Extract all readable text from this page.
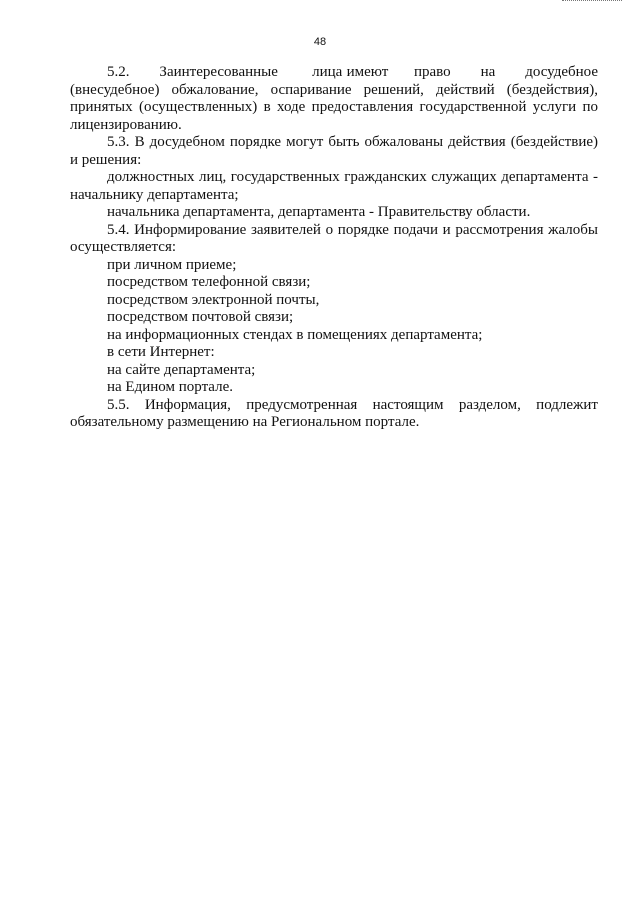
48

5.2.       Заинтересованные        лица имеют      право       на       досудебное (внесудебное) обжалование, оспаривание решений, действий (бездействия), принятых (осуществленных) в ходе предоставления государственной услуги по лицензированию.

5.3. В досудебном порядке могут быть обжалованы действия (бездействие) и решения:

должностных лиц, государственных гражданских служащих департамента - начальнику департамента;

начальника департамента, департамента - Правительству области.

5.4. Информирование заявителей о порядке подачи и рассмотрения жалобы осуществляется:

при личном приеме;

посредством телефонной связи;

посредством электронной почты,

посредством почтовой связи;

на информационных стендах в помещениях департамента;

в сети Интернет:

на сайте департамента;

на Едином портале.

5.5. Информация, предусмотренная настоящим разделом, подлежит обязательному размещению на Региональном портале.
